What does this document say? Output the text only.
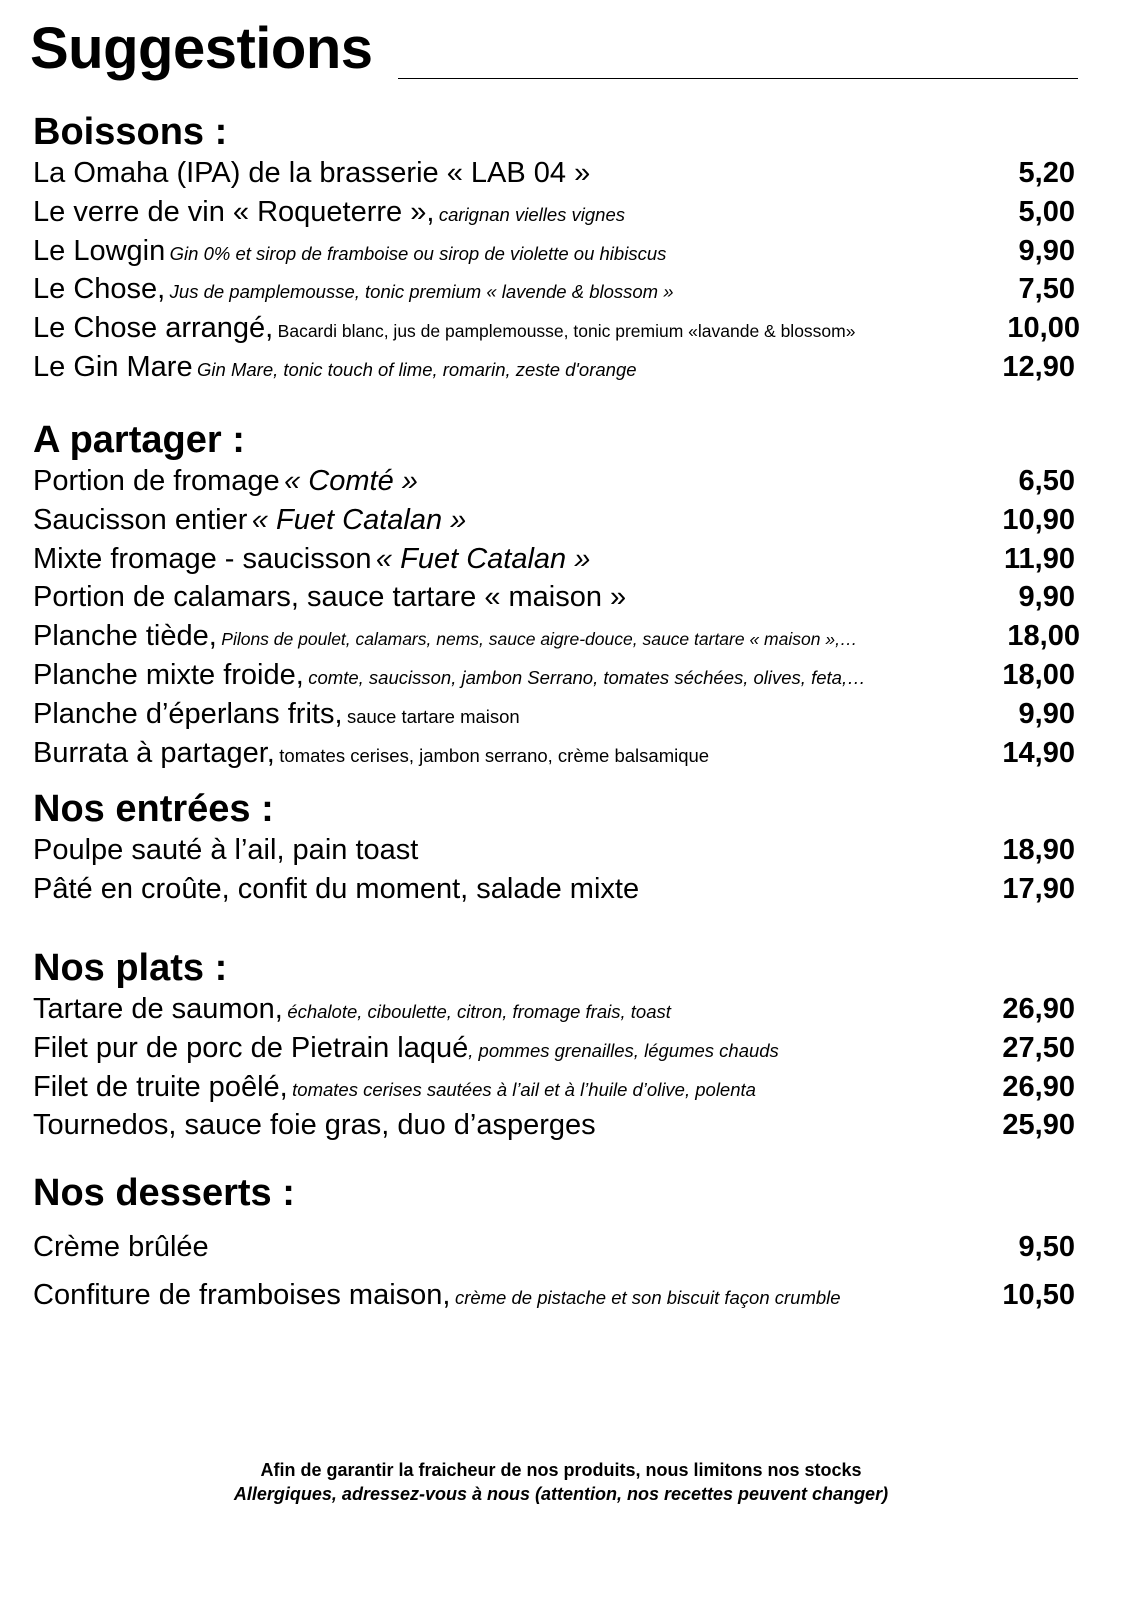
Suggestions
Boissons :
La Omaha (IPA) de la brasserie « LAB 04 »	5,20
Le verre de vin « Roqueterre », carignan vielles vignes	5,00
Le Lowgin Gin 0% et sirop de framboise ou sirop de violette ou hibiscus	9,90
Le Chose, Jus de pamplemousse, tonic premium « lavende & blossom »	7,50
Le Chose arrangé, Bacardi blanc, jus de pamplemousse, tonic premium «lavande & blossom»	10,00
Le Gin Mare Gin Mare, tonic touch of lime, romarin, zeste d'orange	12,90
A partager :
Portion de fromage « Comté »	6,50
Saucisson entier « Fuet Catalan »	10,90
Mixte fromage - saucisson « Fuet Catalan »	11,90
Portion de calamars, sauce tartare « maison »	9,90
Planche tiède, Pilons de poulet, calamars, nems, sauce aigre-douce, sauce tartare « maison »,…	18,00
Planche mixte froide, comte, saucisson, jambon Serrano, tomates séchées, olives, feta,…	18,00
Planche d’éperlans frits, sauce tartare maison	9,90
Burrata à partager, tomates cerises, jambon serrano, crème balsamique	14,90
Nos entrées :
Poulpe sauté à l’ail, pain toast	18,90
Pâté en croûte, confit du moment, salade mixte	17,90
Nos plats :
Tartare de saumon, échalote, ciboulette, citron, fromage frais, toast	26,90
Filet pur de porc de Pietrain laqué, pommes grenailles, légumes chauds	27,50
Filet de truite poêlé, tomates cerises sautées à l’ail et à l’huile d’olive, polenta	26,90
Tournedos, sauce foie gras, duo d’asperges	25,90
Nos desserts :
Crème brûlée	9,50
Confiture de framboises maison, crème de pistache et son biscuit façon crumble	10,50
Afin de garantir la fraicheur de nos produits, nous limitons nos stocks
Allergiques, adressez-vous à nous (attention, nos recettes peuvent changer)
